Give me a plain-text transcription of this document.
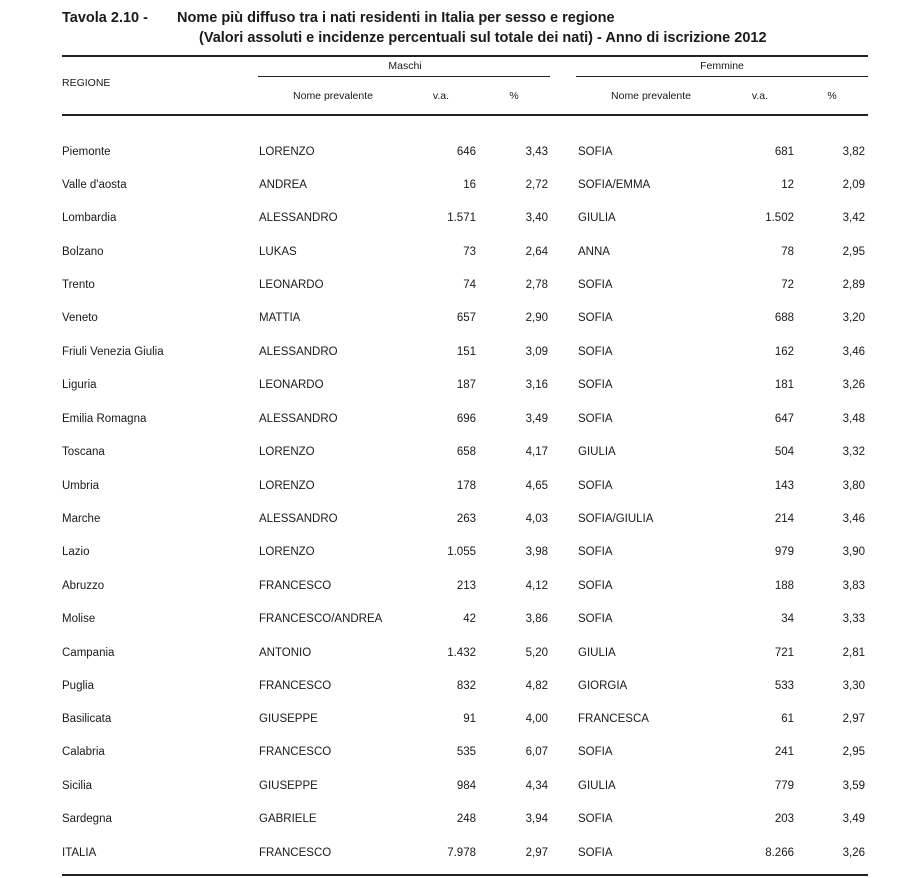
Tavola 2.10 - Nome più diffuso tra i nati residenti in Italia per sesso e regione
(Valori assoluti e incidenze percentuali sul totale dei nati) - Anno di iscrizione 2012
REGIONE
Maschi	Femmine
Nome prevalente	v.a.	%	Nome prevalente	v.a.	%
Piemonte	LORENZO	646	3,43	SOFIA	681	3,82
Valle d'aosta	ANDREA	16	2,72	SOFIA/EMMA	12	2,09
Lombardia	ALESSANDRO	1.571	3,40	GIULIA	1.502	3,42
Bolzano	LUKAS	73	2,64	ANNA	78	2,95
Trento	LEONARDO	74	2,78	SOFIA	72	2,89
Veneto	MATTIA	657	2,90	SOFIA	688	3,20
Friuli Venezia Giulia	ALESSANDRO	151	3,09	SOFIA	162	3,46
Liguria	LEONARDO	187	3,16	SOFIA	181	3,26
Emilia Romagna	ALESSANDRO	696	3,49	SOFIA	647	3,48
Toscana	LORENZO	658	4,17	GIULIA	504	3,32
Umbria	LORENZO	178	4,65	SOFIA	143	3,80
Marche	ALESSANDRO	263	4,03	SOFIA/GIULIA	214	3,46
Lazio	LORENZO	1.055	3,98	SOFIA	979	3,90
Abruzzo	FRANCESCO	213	4,12	SOFIA	188	3,83
Molise	FRANCESCO/ANDREA	42	3,86	SOFIA	34	3,33
Campania	ANTONIO	1.432	5,20	GIULIA	721	2,81
Puglia	FRANCESCO	832	4,82	GIORGIA	533	3,30
Basilicata	GIUSEPPE	91	4,00	FRANCESCA	61	2,97
Calabria	FRANCESCO	535	6,07	SOFIA	241	2,95
Sicilia	GIUSEPPE	984	4,34	GIULIA	779	3,59
Sardegna	GABRIELE	248	3,94	SOFIA	203	3,49
ITALIA	FRANCESCO	7.978	2,97	SOFIA	8.266	3,26
